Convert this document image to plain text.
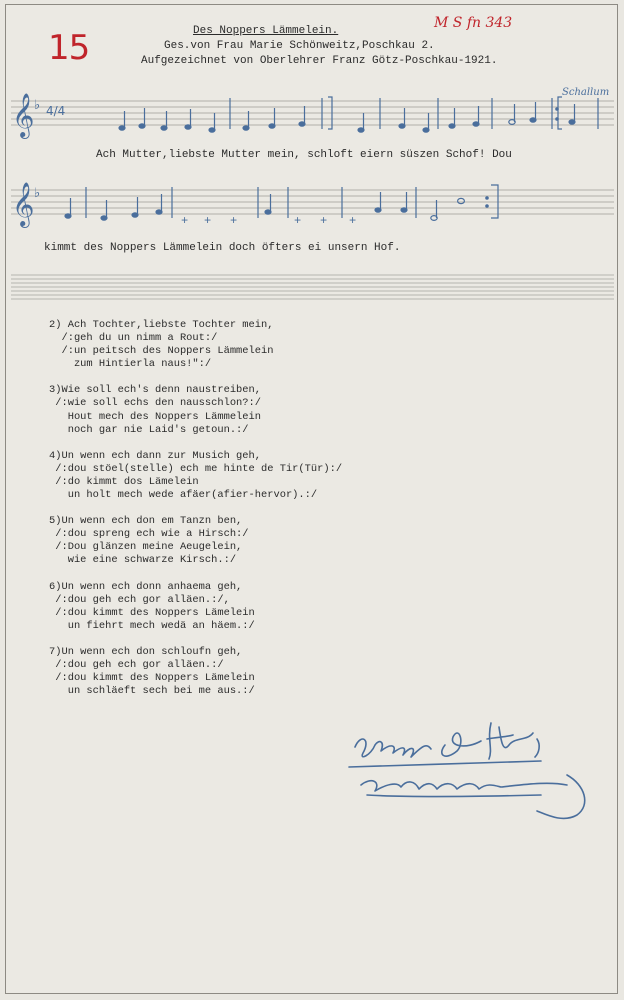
15
M S fn 343
Des Noppers Lämmelein.
Ges.von Frau Marie Schönweitz,Poschkau 2.
Aufgezeichnet von Oberlehrer Franz Götz-Poschkau-1921.
𝄞
𝄞
♭
♭
4/4
Schallum
+ + +	+ + +
Ach Mutter,liebste Mutter mein, schloft eiern süszen Schof! Dou
kimmt des Noppers Lämmelein doch öfters ei unsern Hof.
2) Ach Tochter,liebste Tochter mein,
/:geh du un nimm a Rout:/
/:un peitsch des Noppers Lämmelein
zum Hintierla naus!":/
3)Wie soll ech's denn naustreiben,
/:wie soll echs den nausschlon?:/
Hout mech des Noppers Lämmelein
noch gar nie Laid's getoun.:/
4)Un wenn ech dann zur Musich geh,
/:dou stöel(stelle) ech me hinte de Tir(Tür):/
/:do kimmt dos Lämelein
un holt mech wede afäer(afier-hervor).:/
5)Un wenn ech don em Tanzn ben,
/:dou spreng ech wie a Hirsch:/
/:Dou glänzen meine Aeugelein,
wie eine schwarze Kirsch.:/
6)Un wenn ech donn anhaema geh,
/:dou geh ech gor alläen.:/,
/:dou kimmt des Noppers Lämelein
un fiehrt mech wedä an häem.:/
7)Un wenn ech don schloufn geh,
/:dou geh ech gor alläen.:/
/:dou kimmt des Noppers Lämelein
un schläeft sech bei me aus.:/
